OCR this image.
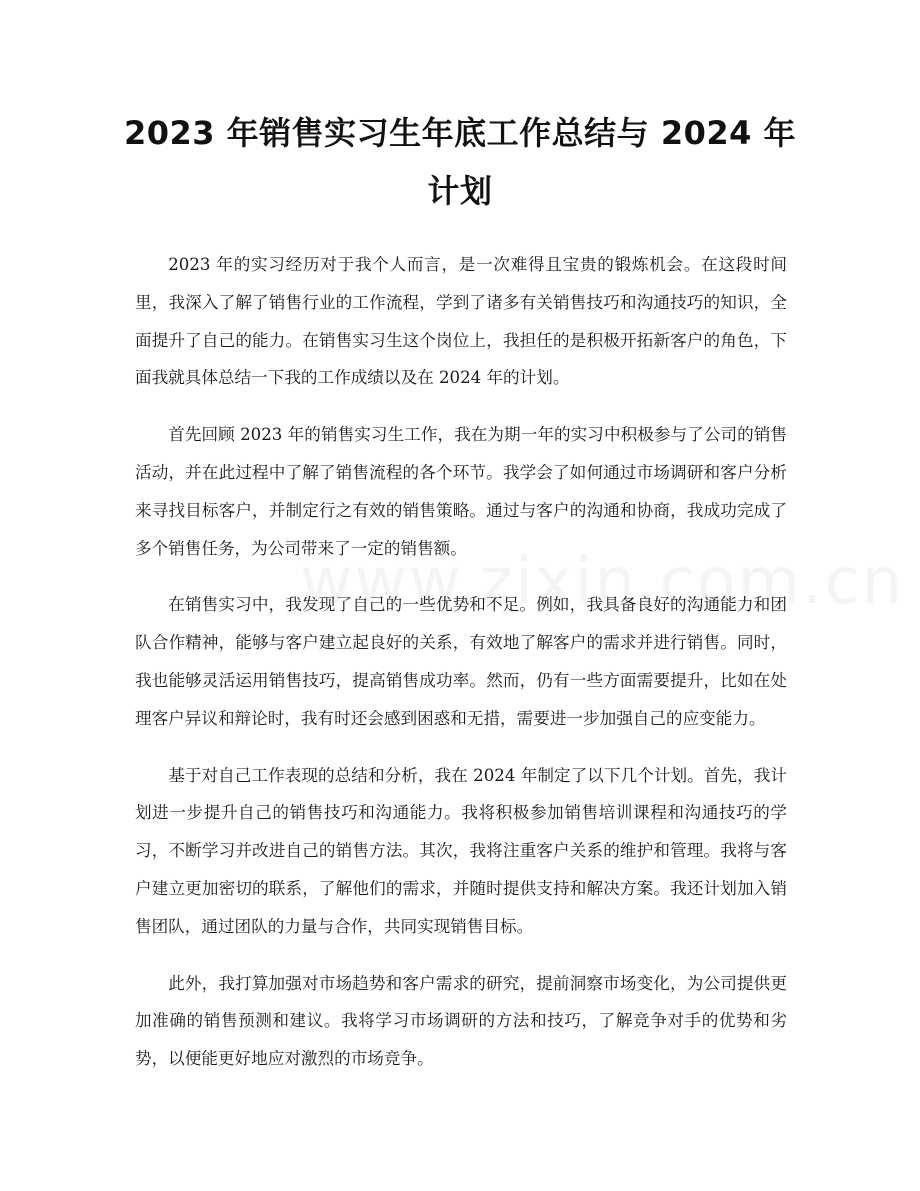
2023 年销售实习生年底工作总结与 2024 年计划

2023 年的实习经历对于我个人而言，是一次难得且宝贵的锻炼机会。在这段时间里，我深入了解了销售行业的工作流程，学到了诸多有关销售技巧和沟通技巧的知识，全面提升了自己的能力。在销售实习生这个岗位上，我担任的是积极开拓新客户的角色，下面我就具体总结一下我的工作成绩以及在 2024 年的计划。

首先回顾 2023 年的销售实习生工作，我在为期一年的实习中积极参与了公司的销售活动，并在此过程中了解了销售流程的各个环节。我学会了如何通过市场调研和客户分析来寻找目标客户，并制定行之有效的销售策略。通过与客户的沟通和协商，我成功完成了多个销售任务，为公司带来了一定的销售额。

在销售实习中，我发现了自己的一些优势和不足。例如，我具备良好的沟通能力和团队合作精神，能够与客户建立起良好的关系，有效地了解客户的需求并进行销售。同时，我也能够灵活运用销售技巧，提高销售成功率。然而，仍有一些方面需要提升，比如在处理客户异议和辩论时，我有时还会感到困惑和无措，需要进一步加强自己的应变能力。

基于对自己工作表现的总结和分析，我在 2024 年制定了以下几个计划。首先，我计划进一步提升自己的销售技巧和沟通能力。我将积极参加销售培训课程和沟通技巧的学习，不断学习并改进自己的销售方法。其次，我将注重客户关系的维护和管理。我将与客户建立更加密切的联系，了解他们的需求，并随时提供支持和解决方案。我还计划加入销售团队，通过团队的力量与合作，共同实现销售目标。

此外，我打算加强对市场趋势和客户需求的研究，提前洞察市场变化，为公司提供更加准确的销售预测和建议。我将学习市场调研的方法和技巧，了解竞争对手的优势和劣势，以便能更好地应对激烈的市场竞争。
